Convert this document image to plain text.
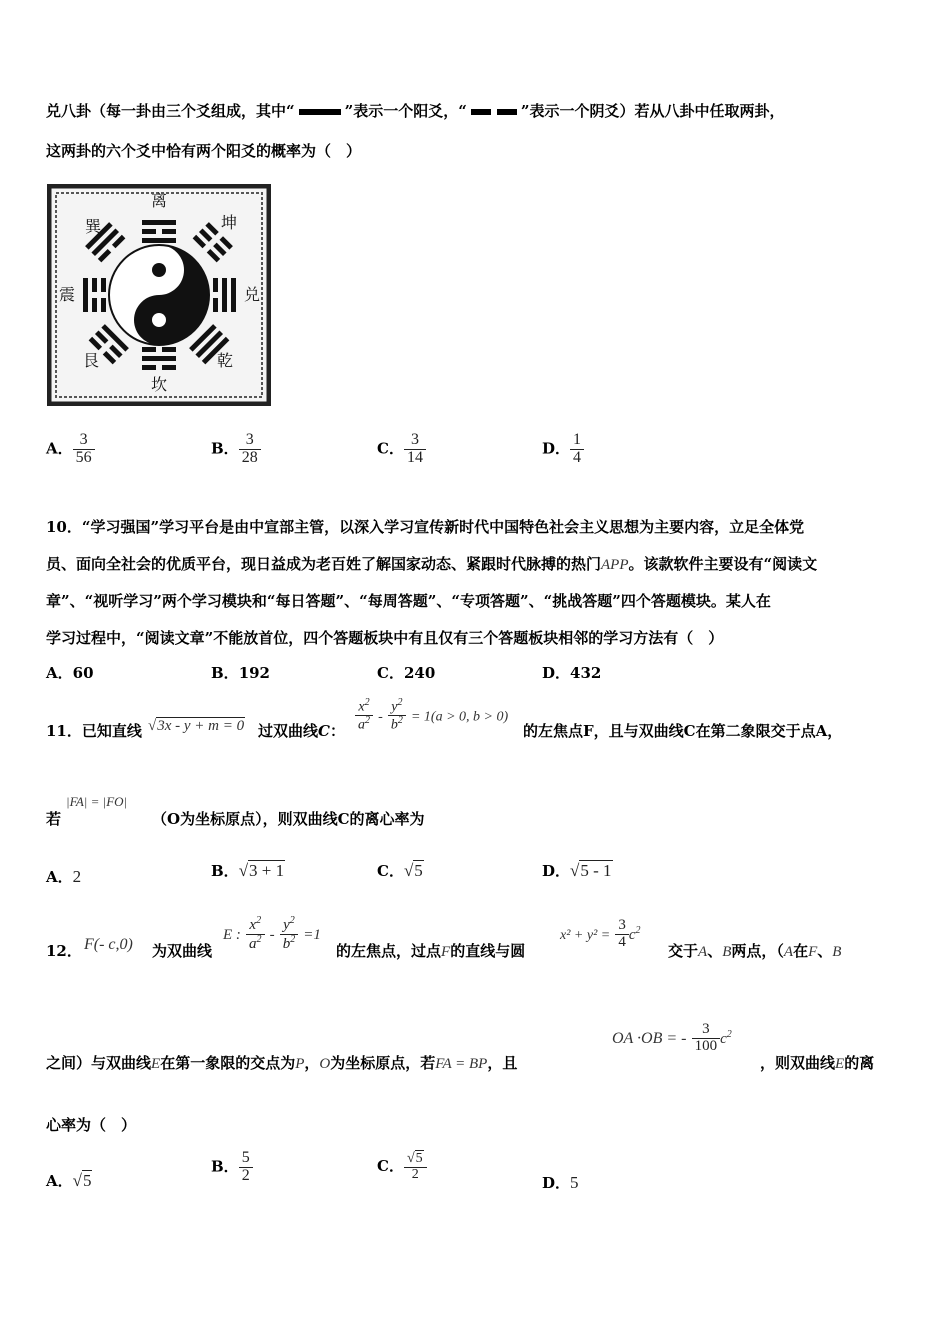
兑八卦（每一卦由三个爻组成，其中“	”表示一个阳爻，“	”表示一个阴爻）若从八卦中任取两卦，
这两卦的六个爻中恰有两个阳爻的概率为（　）
离
坤
兑
乾
坎
艮
震
巽
A． $\frac{3}{56}$	B． $\frac{3}{28}$	C． $\frac{3}{14}$	D． $\frac{1}{4}$
10．“学习强国”学习平台是由中宣部主管，以深入学习宣传新时代中国特色社会主义思想为主要内容，立足全体党
员、面向全社会的优质平台，现日益成为老百姓了解国家动态、紧跟时代脉搏的热门APP。该款软件主要设有“阅读文
章”、“视听学习”两个学习模块和“每日答题”、“每周答题”、“专项答题”、“挑战答题”四个答题模块。某人在
学习过程中，“阅读文章”不能放首位，四个答题板块中有且仅有三个答题板块相邻的学习方法有（　）
A．60	B．192	C．240	D．432
11．已知直线 √3x - y + m = 0 过双曲线C： $\frac{x^2}{a^2} - \frac{y^2}{b^2} = 1(a > 0$, b > 0)
的左焦点F，且与双曲线C在第二象限交于点A，
若
|FA| = |FO|
（O为坐标原点），则双曲线C的离心率为
A．2	B．√3 + 1	C．√5	D．√5 - 1
12． F(- c,0) 为双曲线
E : $\frac{x^2}{a^2} - \frac{y^2}{b^2} =1$
的左焦点，过点F的直线与圆
$x^2 + y^2 = \frac{3}{4} c^2$
交于A、B两点，（A在F、B
之间）与双曲线E在第一象限的交点为P，O为坐标原点，若FA = BP，且
OA ·OB = - $\frac{3}{100} c^2$
，则双曲线E的离
心率为（　）
A．√5
B． $\frac{5}{2}$	C． $\frac{√5}{2}$
D．5
